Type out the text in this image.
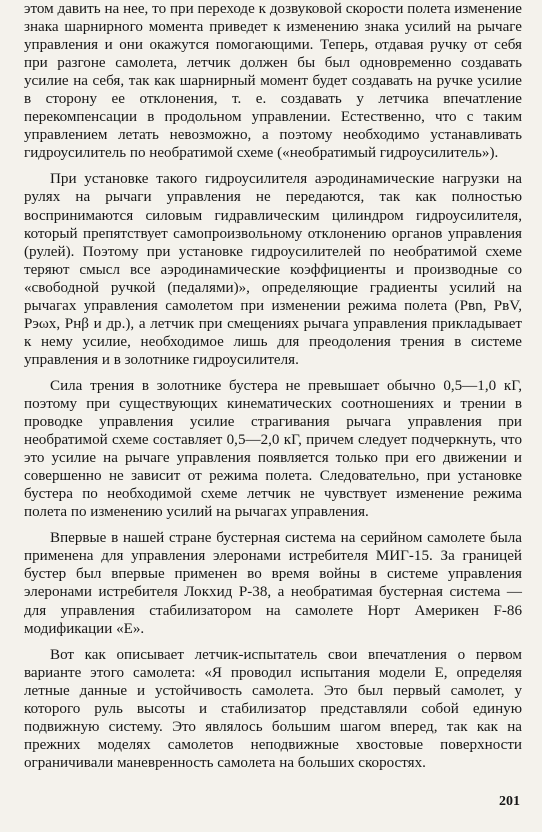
этом давить на нее, то при переходе к дозвуковой скорости полета изменение знака шарнирного момента приведет к изменению знака усилий на рычаге управления и они окажутся помогающими. Теперь, отдавая ручку от себя при разгоне самолета, летчик должен бы был одновременно создавать усилие на себя, так как шарнирный момент будет создавать на ручке усилие в сторону ее отклонения, т. е. создавать у летчика впечатление перекомпенсации в продольном управлении. Естественно, что с таким управлением летать невозможно, а поэтому необходимо устанавливать гидроусилитель по необратимой схеме («необратимый гидроусилитель»).

При установке такого гидроусилителя аэродинамические нагрузки на рулях на рычаги управления не передаются, так как полностью воспринимаются силовым гидравлическим цилиндром гидроусилителя, который препятствует самопроизвольному отклонению органов управления (рулей). Поэтому при установке гидроусилителей по необратимой схеме теряют смысл все аэродинамические коэффициенты и производные со «свободной ручкой (педалями)», определяющие градиенты усилий на рычагах управления самолетом при изменении режима полета (Pвn, PвV, Pэωx, Pнβ и др.), а летчик при смещениях рычага управления прикладывает к нему усилие, необходимое лишь для преодоления трения в системе управления и в золотнике гидроусилителя.

Сила трения в золотнике бустера не превышает обычно 0,5—1,0 кГ, поэтому при существующих кинематических соотношениях и трении в проводке управления усилие страгивания рычага управления при необратимой схеме составляет 0,5—2,0 кГ, причем следует подчеркнуть, что это усилие на рычаге управления появляется только при его движении и совершенно не зависит от режима полета. Следовательно, при установке бустера по необходимой схеме летчик не чувствует изменение режима полета по изменению усилий на рычагах управления.

Впервые в нашей стране бустерная система на серийном самолете была применена для управления элеронами истребителя МИГ-15. За границей бустер был впервые применен во время войны в системе управления элеронами истребителя Локхид Р-38, а необратимая бустерная система — для управления стабилизатором на самолете Норт Америкен F-86 модификации «Е».

Вот как описывает летчик-испытатель свои впечатления о первом варианте этого самолета: «Я проводил испытания модели Е, определяя летные данные и устойчивость самолета. Это был первый самолет, у которого руль высоты и стабилизатор представляли собой единую подвижную систему. Это являлось большим шагом вперед, так как на прежних моделях самолетов неподвижные хвостовые поверхности ограничивали маневренность самолета на больших скоростях.

201
